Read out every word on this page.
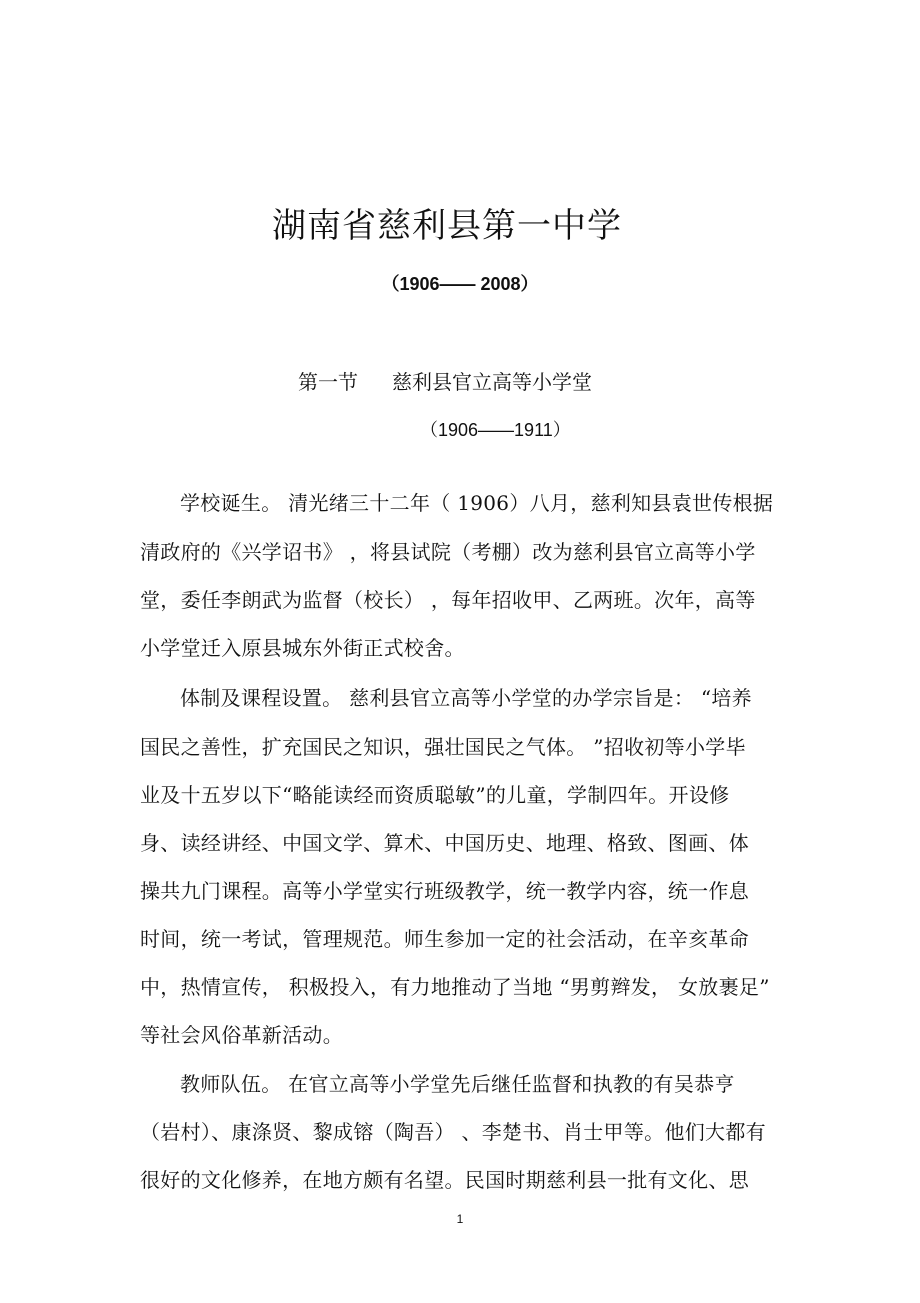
湖南省慈利县第一中学
（1906—— 2008）
第一节 慈利县官立高等小学堂
（1906——1911）
学校诞生。 清光绪三十二年（ 1906）八月，慈利知县袁世传根据
清政府的《兴学诏书》 ，将县试院（考棚）改为慈利县官立高等小学
堂，委任李朗武为监督（校长） ，每年招收甲、乙两班。次年，高等
小学堂迁入原县城东外街正式校舍。
体制及课程设置。 慈利县官立高等小学堂的办学宗旨是： “培养
国民之善性，扩充国民之知识，强壮国民之气体。 ”招收初等小学毕
业及十五岁以下“略能读经而资质聪敏”的儿童，学制四年。开设修
身、读经讲经、中国文学、算术、中国历史、地理、格致、图画、体
操共九门课程。高等小学堂实行班级教学，统一教学内容，统一作息
时间，统一考试，管理规范。师生参加一定的社会活动，在辛亥革命
中，热情宣传， 积极投入，有力地推动了当地 “男剪辫发， 女放裹足”
等社会风俗革新活动。
教师队伍。 在官立高等小学堂先后继任监督和执教的有吴恭亨
（岩村）、康涤贤、黎成镕（陶吾） 、李楚书、肖士甲等。他们大都有
很好的文化修养，在地方颇有名望。民国时期慈利县一批有文化、思
1
